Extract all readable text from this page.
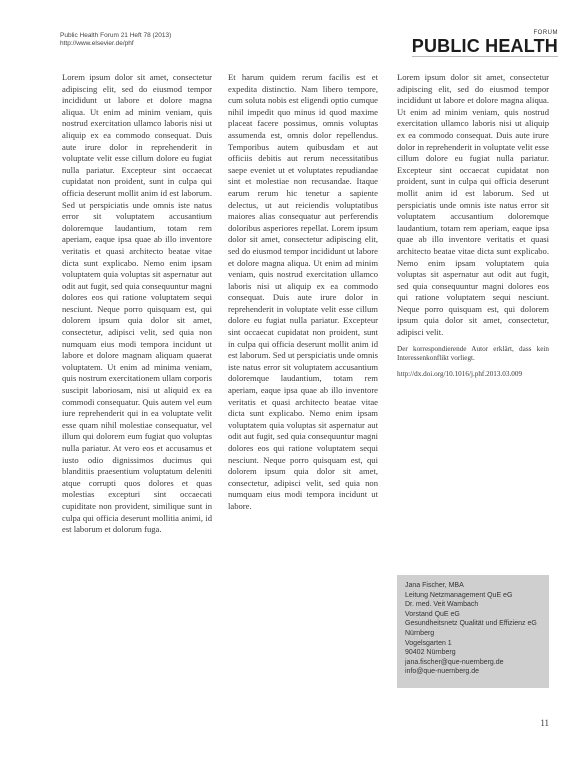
Public Health Forum 21 Heft 78 (2013)
http://www.elsevier.de/phf
FORUM
PUBLIC HEALTH

Lorem ipsum dolor sit amet, consectetur adipiscing elit, sed do eiusmod tempor incididunt ut labore et dolore magna aliqua. Ut enim ad minim veniam, quis nostrud exercitation ullamco laboris nisi ut aliquip ex ea commodo consequat. Duis aute irure dolor in reprehenderit in voluptate velit esse cillum dolore eu fugiat nulla pariatur. Excepteur sint occaecat cupidatat non proident, sunt in culpa qui officia deserunt mollit anim id est laborum. Sed ut perspiciatis unde omnis iste natus error sit voluptatem accusantium doloremque laudantium, totam rem aperiam, eaque ipsa quae ab illo inventore veritatis et quasi architecto beatae vitae dicta sunt explicabo. Nemo enim ipsam voluptatem quia voluptas sit aspernatur aut odit aut fugit, sed quia consequuntur magni dolores eos qui ratione voluptatem sequi nesciunt. Neque porro quisquam est, qui dolorem ipsum quia dolor sit amet, consectetur, adipisci velit, sed quia non numquam eius modi tempora incidunt ut labore et dolore magnam aliquam quaerat voluptatem. Ut enim ad minima veniam, quis nostrum exercitationem ullam corporis suscipit laboriosam, nisi ut aliquid ex ea commodi consequatur. Quis autem vel eum iure reprehenderit qui in ea voluptate velit esse quam nihil molestiae consequatur, vel illum qui dolorem eum fugiat quo voluptas nulla pariatur. At vero eos et accusamus et iusto odio dignissimos ducimus qui blanditiis praesentium voluptatum deleniti atque corrupti quos dolores et quas molestias excepturi sint occaecati cupiditate non provident, similique sunt in culpa qui officia deserunt mollitia animi, id est laborum et dolorum fuga.

Et harum quidem rerum facilis est et expedita distinctio. Nam libero tempore, cum soluta nobis est eligendi optio cumque nihil impedit quo minus id quod maxime placeat facere possimus, omnis voluptas assumenda est, omnis dolor repellendus. Temporibus autem quibusdam et aut officiis debitis aut rerum necessitatibus saepe eveniet ut et voluptates repudiandae sint et molestiae non recusandae. Itaque earum rerum hic tenetur a sapiente delectus, ut aut reiciendis voluptatibus maiores alias consequatur aut perferendis doloribus asperiores repellat. Lorem ipsum dolor sit amet, consectetur adipiscing elit, sed do eiusmod tempor incididunt ut labore et dolore magna aliqua. Ut enim ad minim veniam, quis nostrud exercitation ullamco laboris nisi ut aliquip ex ea commodo consequat. Duis aute irure dolor in reprehenderit in voluptate velit esse cillum dolore eu fugiat nulla pariatur. Excepteur sint occaecat cupidatat non proident, sunt in culpa qui officia deserunt mollit anim id est laborum. Sed ut perspiciatis unde omnis iste natus error sit voluptatem accusantium doloremque laudantium, totam rem aperiam, eaque ipsa quae ab illo inventore veritatis et quasi architecto beatae vitae dicta sunt explicabo. Nemo enim ipsam voluptatem quia voluptas sit aspernatur aut odit aut fugit, sed quia consequuntur magni dolores eos qui ratione voluptatem sequi nesciunt. Neque porro quisquam est, qui dolorem ipsum quia dolor sit amet, consectetur, adipisci velit, sed quia non numquam eius modi tempora incidunt ut labore.

Lorem ipsum dolor sit amet, consectetur adipiscing elit, sed do eiusmod tempor incididunt ut labore et dolore magna aliqua. Ut enim ad minim veniam, quis nostrud exercitation ullamco laboris nisi ut aliquip ex ea commodo consequat. Duis aute irure dolor in reprehenderit in voluptate velit esse cillum dolore eu fugiat nulla pariatur. Excepteur sint occaecat cupidatat non proident, sunt in culpa qui officia deserunt mollit anim id est laborum. Sed ut perspiciatis unde omnis iste natus error sit voluptatem accusantium doloremque laudantium, totam rem aperiam, eaque ipsa quae ab illo inventore veritatis et quasi architecto beatae vitae dicta sunt explicabo. Nemo enim ipsam voluptatem quia voluptas sit aspernatur aut odit aut fugit, sed quia consequuntur magni dolores eos qui ratione voluptatem sequi nesciunt. Neque porro quisquam est, qui dolorem ipsum quia dolor sit amet, consectetur, adipisci velit.

Der korrespondierende Autor erklärt, dass kein Interessenkonflikt vorliegt.
http://dx.doi.org/10.1016/j.phf.2013.03.009
Jana Fischer, MBA
Leitung Netzmanagement QuE eG
Dr. med. Veit Wambach
Vorstand QuE eG
Gesundheitsnetz Qualität und Effizienz eG Nürnberg
Vogelsgarten 1
90402 Nürnberg
jana.fischer@que-nuernberg.de
info@que-nuernberg.de
11
